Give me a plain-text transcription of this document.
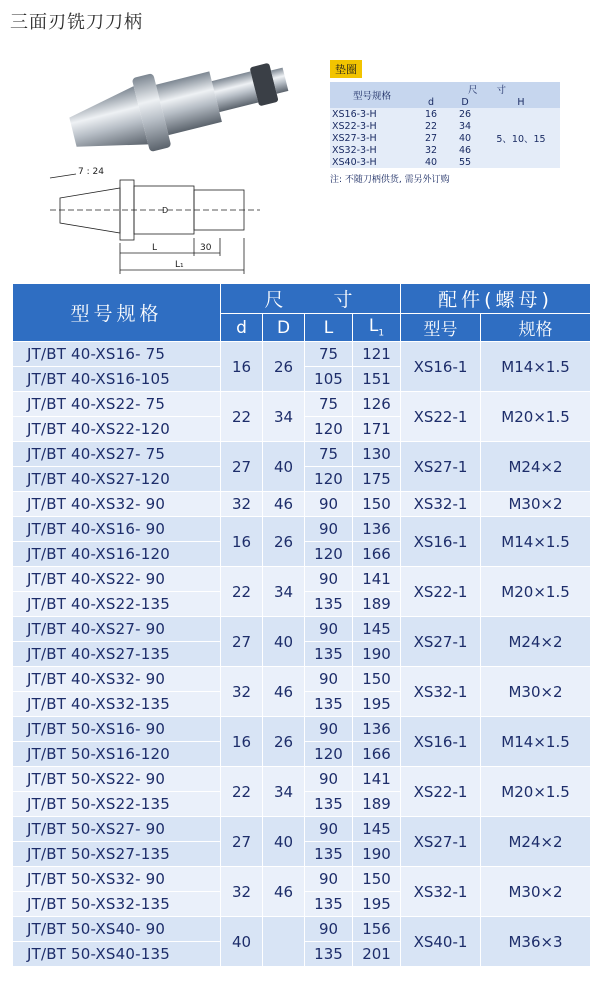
三面刃铣刀刀柄
7 : 24
D
L	30
L₁
垫圈
型号规格	尺　　寸		
	d	D	H
XS16-3-H	16	26	5、10、15
XS22-3-H	22	34	
XS27-3-H	27	40	
XS32-3-H	32	46	
XS40-3-H	40	55	
注: 不随刀柄供货, 需另外订购
型号规格	尺　　寸				配件(螺母)	
	d	D	L	$L_1$	型号	规格
JT/BT 40-XS16- 75	16	26	75	121	XS16-1	M14×1.5
JT/BT 40-XS16-105			105	151		
JT/BT 40-XS22- 75	22	34	75	126	XS22-1	M20×1.5
JT/BT 40-XS22-120			120	171		
JT/BT 40-XS27- 75	27	40	75	130	XS27-1	M24×2
JT/BT 40-XS27-120			120	175		
JT/BT 40-XS32- 90	32	46	90	150	XS32-1	M30×2
JT/BT 40-XS16- 90	16	26	90	136	XS16-1	M14×1.5
JT/BT 40-XS16-120			120	166		
JT/BT 40-XS22- 90	22	34	90	141	XS22-1	M20×1.5
JT/BT 40-XS22-135			135	189		
JT/BT 40-XS27- 90	27	40	90	145	XS27-1	M24×2
JT/BT 40-XS27-135			135	190		
JT/BT 40-XS32- 90	32	46	90	150	XS32-1	M30×2
JT/BT 40-XS32-135			135	195		
JT/BT 50-XS16- 90	16	26	90	136	XS16-1	M14×1.5
JT/BT 50-XS16-120			120	166		
JT/BT 50-XS22- 90	22	34	90	141	XS22-1	M20×1.5
JT/BT 50-XS22-135			135	189		
JT/BT 50-XS27- 90	27	40	90	145	XS27-1	M24×2
JT/BT 50-XS27-135			135	190		
JT/BT 50-XS32- 90	32	46	90	150	XS32-1	M30×2
JT/BT 50-XS32-135			135	195		
JT/BT 50-XS40- 90	40		90	156	XS40-1	M36×3
JT/BT 50-XS40-135			135	201		
